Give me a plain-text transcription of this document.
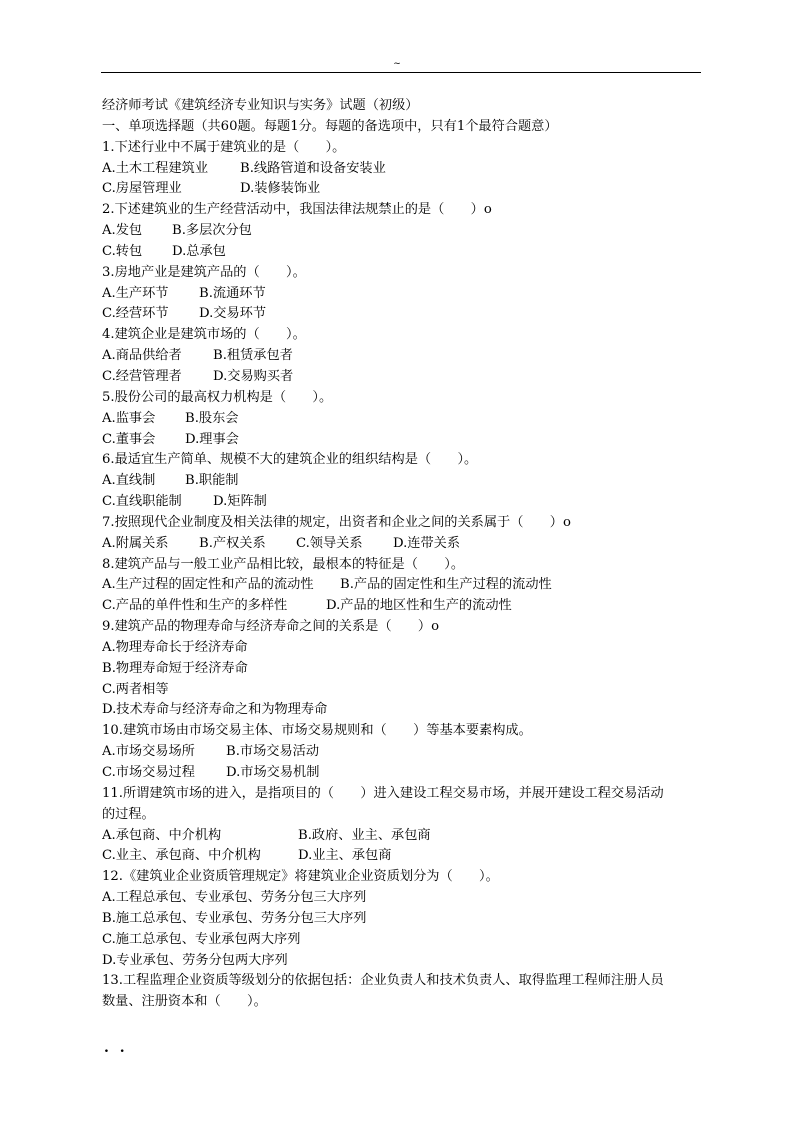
~
经济师考试《建筑经济专业知识与实务》试题（初级）
一、单项选择题（共60题。每题1分。每题的备选项中，只有1个最符合题意）
1.下述行业中不属于建筑业的是（　　）。
A.土木工程建筑业 B.线路管道和设备安装业
C.房屋管理业	D.装修装饰业
2.下述建筑业的生产经营活动中，我国法律法规禁止的是（　　）o
A.发包 B.多层次分包
C.转包 D.总承包
3.房地产业是建筑产品的（　　）。
A.生产环节 B.流通环节
C.经营环节 D.交易环节
4.建筑企业是建筑市场的（　　）。
A.商品供给者 B.租赁承包者
C.经营管理者 D.交易购买者
5.股份公司的最高权力机构是（　　）。
A.监事会 B.股东会
C.董事会 D.理事会
6.最适宜生产简单、规模不大的建筑企业的组织结构是（　　）。
A.直线制 B.职能制
C.直线职能制 D.矩阵制
7.按照现代企业制度及相关法律的规定，出资者和企业之间的关系属于（　　）o
A.附属关系 B.产权关系 C.领导关系 D.连带关系
8.建筑产品与一般工业产品相比较，最根本的特征是（　　）。
A.生产过程的固定性和产品的流动性 B.产品的固定性和生产过程的流动性
C.产品的单件性和生产的多样性	D.产品的地区性和生产的流动性
9.建筑产品的物理寿命与经济寿命之间的关系是（　　）o
A.物理寿命长于经济寿命
B.物理寿命短于经济寿命
C.两者相等
D.技术寿命与经济寿命之和为物理寿命
10.建筑市场由市场交易主体、市场交易规则和（　　）等基本要素构成。
A.市场交易场所 B.市场交易活动
C.市场交易过程 D.市场交易机制
11.所谓建筑市场的进入，是指项目的（　　）进入建设工程交易市场，并展开建设工程交易活动
的过程。
A.承包商、中介机构	B.政府、业主、承包商
C.业主、承包商、中介机构	D.业主、承包商
12.《建筑业企业资质管理规定》将建筑业企业资质划分为（　　）。
A.工程总承包、专业承包、劳务分包三大序列
B.施工总承包、专业承包、劳务分包三大序列
C.施工总承包、专业承包两大序列
D.专业承包、劳务分包两大序列
13.工程监理企业资质等级划分的依据包括：企业负责人和技术负责人、取得监理工程师注册人员
数量、注册资本和（　　）。
. .
